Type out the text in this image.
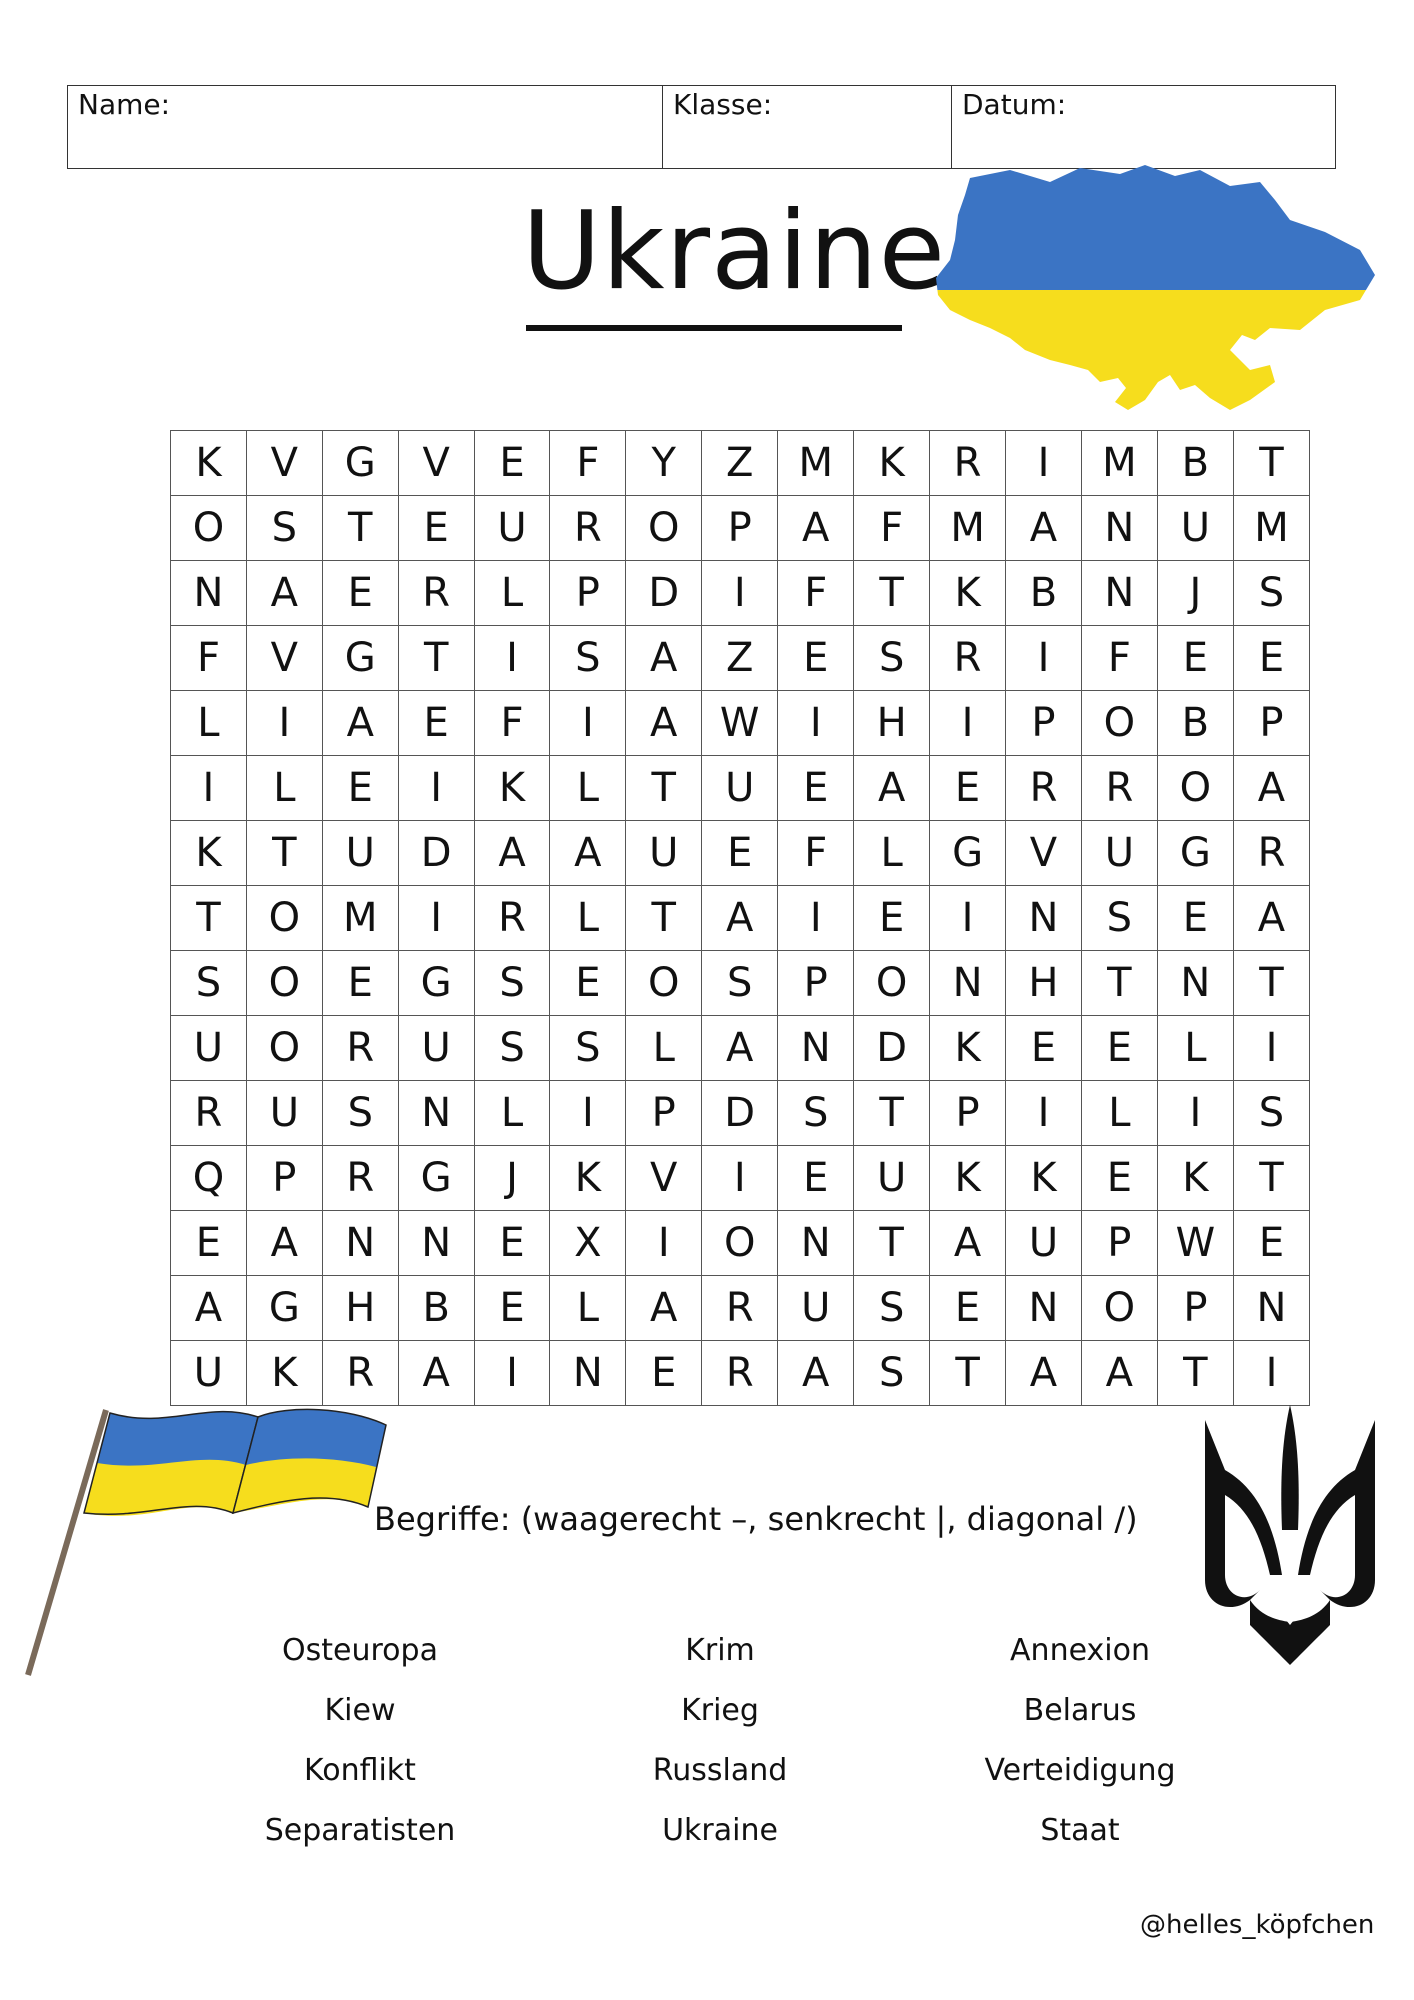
Name:	Klasse:	Datum:
Ukraine
K	V	G	V	E	F	Y	Z	M	K	R	I	M	B	T
O	S	T	E	U	R	O	P	A	F	M	A	N	U	M
N	A	E	R	L	P	D	I	F	T	K	B	N	J	S
F	V	G	T	I	S	A	Z	E	S	R	I	F	E	E
L	I	A	E	F	I	A	W	I	H	I	P	O	B	P
I	L	E	I	K	L	T	U	E	A	E	R	R	O	A
K	T	U	D	A	A	U	E	F	L	G	V	U	G	R
T	O	M	I	R	L	T	A	I	E	I	N	S	E	A
S	O	E	G	S	E	O	S	P	O	N	H	T	N	T
U	O	R	U	S	S	L	A	N	D	K	E	E	L	I
R	U	S	N	L	I	P	D	S	T	P	I	L	I	S
Q	P	R	G	J	K	V	I	E	U	K	K	E	K	T
E	A	N	N	E	X	I	O	N	T	A	U	P	W	E
A	G	H	B	E	L	A	R	U	S	E	N	O	P	N
U	K	R	A	I	N	E	R	A	S	T	A	A	T	I
Begriffe: (waagerecht –, senkrecht |, diagonal /)
Osteuropa	Krim	Annexion
Kiew	Krieg	Belarus
Konflikt	Russland	Verteidigung
Separatisten	Ukraine	Staat
@helles_köpfchen
